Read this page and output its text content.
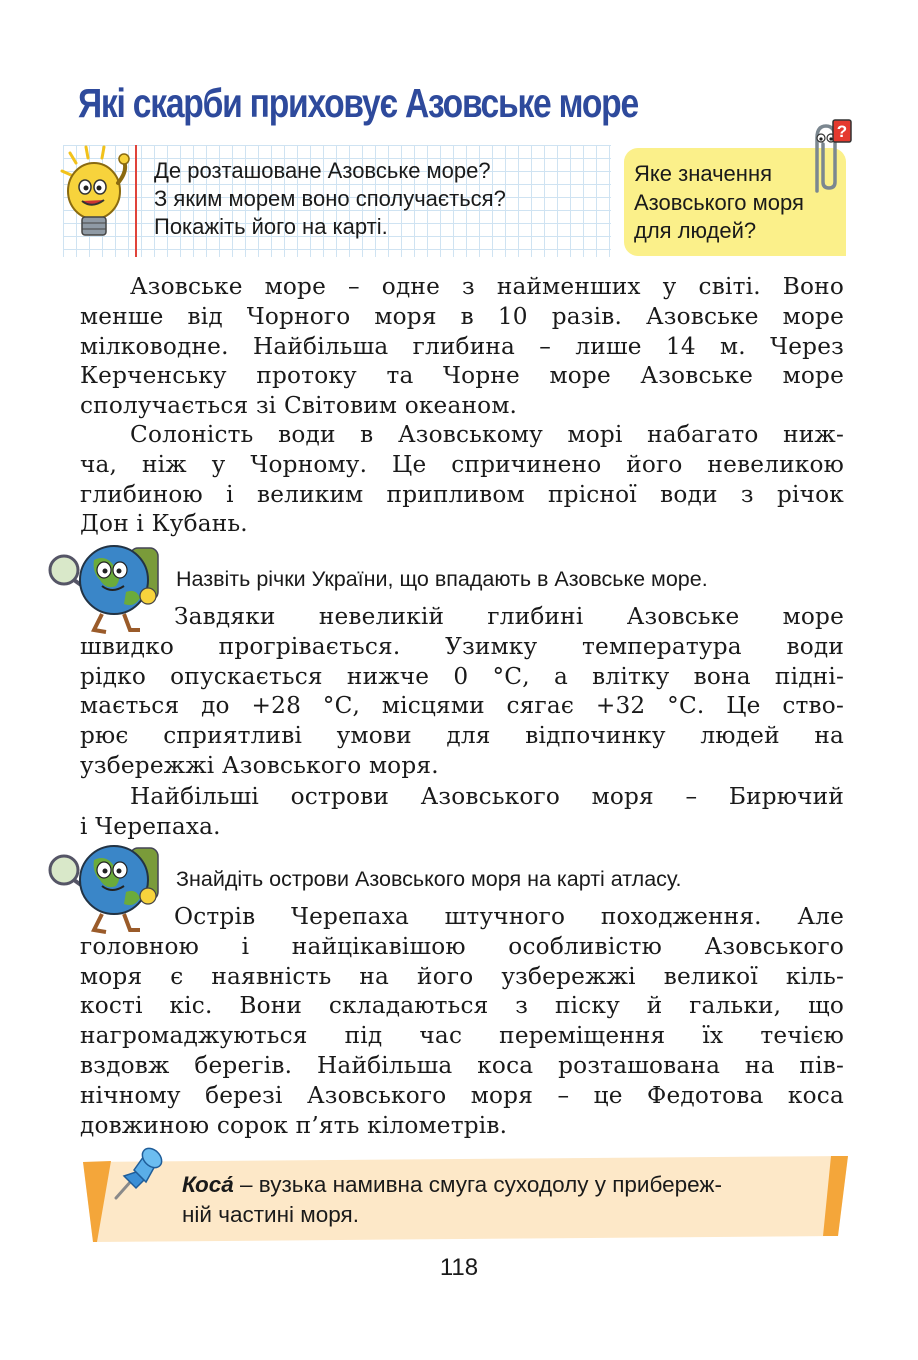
Які скарби приховує Азовське море
Де розташоване Азовське море?
З яким морем воно сполучається?
Покажіть його на карті.
Яке значення
Азовського моря
для людей?
?
Азовське море – одне з найменших у світі. Воно
менше від Чорного моря в 10 разів. Азовське море
мілководне. Найбільша глибина – лише 14 м. Через
Керченську протоку та Чорне море Азовське море
сполучається зі Світовим океаном.
Солоність води в Азовському морі набагато ниж-
ча, ніж у Чорному. Це спричинено його невеликою
глибиною і великим припливом прісної води з річок
Дон і Кубань.
Назвіть річки України, що впадають в Азовське море.
Завдяки невеликій глибині Азовське море
швидко прогрівається. Узимку температура води
рідко опускається нижче 0 °С, а влітку вона підні-
мається до +28 °С, місцями сягає +32 °С. Це ство-
рює сприятливі умови для відпочинку людей на
узбережжі Азовського моря.
Найбільші острови Азовського моря – Бирючий
і Черепаха.
Знайдіть острови Азовського моря на карті атласу.
Острів Черепаха штучного походження. Але
головною і найцікавішою особливістю Азовського
моря є наявність на його узбережжі великої кіль-
кості кіс. Вони складаються з піску й гальки, що
нагромаджуються під час переміщення їх течією
вздовж берегів. Найбільша коса розташована на пів-
нічному березі Азовського моря – це Федотова коса
довжиною сорок п’ять кілометрів.
Коса́ – вузька намивна смуга суходолу у прибереж-
ній частині моря.
118
